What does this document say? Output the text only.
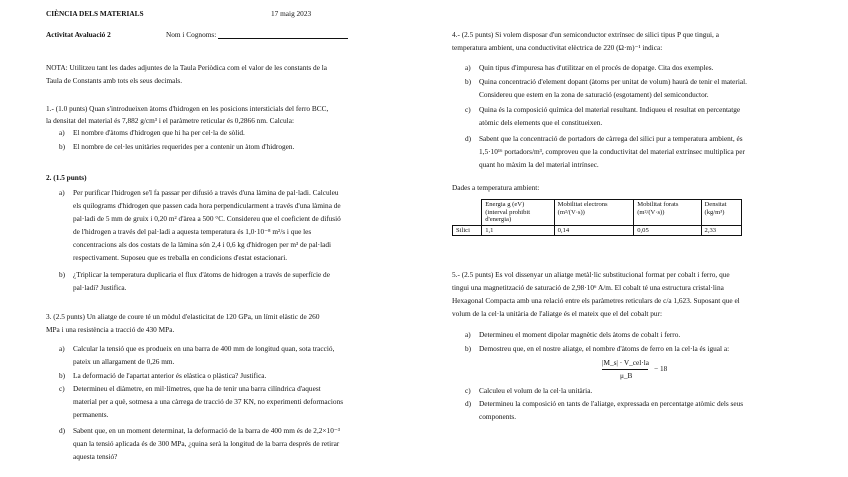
CIÈNCIA DELS MATERIALS	17 maig 2023
Activitat Avaluació 2	Nom i Cognoms:
NOTA: Utilitzeu tant les dades adjuntes de la Taula Periòdica com el valor de les constants de la
Taula de Constants amb tots els seus decimals.
1.- (1.0 punts) Quan s'introdueixen àtoms d'hidrogen en les posicions intersticials del ferro BCC,
la densitat del material és 7,882 g/cm³ i el paràmetre reticular és 0,2866 nm. Calcula:
a) El nombre d'àtoms d'hidrogen que hi ha per cel·la de sòlid.
b) El nombre de cel·les unitàries requerides per a contenir un àtom d'hidrogen.
2. (1.5 punts)
a) Per purificar l'hidrogen se'l fa passar per difusió a través d'una làmina de pal·ladi. Calculeu
els quilograms d'hidrogen que passen cada hora perpendicularment a través d'una làmina de
pal·ladi de 5 mm de gruix i 0,20 m² d'àrea a 500 °C. Considereu que el coeficient de difusió
de l'hidrogen a través del pal·ladi a aquesta temperatura és 1,0·10⁻⁸ m²/s i que les
concentracions als dos costats de la làmina són 2,4 i 0,6 kg d'hidrogen per m³ de pal·ladi
respectivament. Suposeu que es treballa en condicions d'estat estacionari.
b) ¿Triplicar la temperatura duplicaria el flux d'àtoms de hidrogen a través de superfície de
pal·ladi? Justifica.
3. (2.5 punts) Un aliatge de coure té un mòdul d'elasticitat de 120 GPa, un límit elàstic de 260
MPa i una resistència a tracció de 430 MPa.
a) Calcular la tensió que es produeix en una barra de 400 mm de longitud quan, sota tracció,
pateix un allargament de 0,26 mm.
b) La deformació de l'apartat anterior és elàstica o plàstica? Justifica.
c) Determineu el diàmetre, en mil·límetres, que ha de tenir una barra cilíndrica d'aquest
material per a què, sotmesa a una càrrega de tracció de 37 KN, no experimenti deformacions
permanents.
d) Sabent que, en un moment determinat, la deformació de la barra de 400 mm és de 2,2×10⁻³
quan la tensió aplicada és de 300 MPa, ¿quina serà la longitud de la barra després de retirar
aquesta tensió?
4.- (2.5 punts) Si volem disposar d'un semiconductor extrínsec de silici tipus P que tingui, a
temperatura ambient, una conductivitat elèctrica de 220 (Ω·m)⁻¹ indica:
a) Quin tipus d'impuresa has d'utilitzar en el procés de dopatge. Cita dos exemples.
b) Quina concentració d'element dopant (àtoms per unitat de volum) haurà de tenir el material.
Considereu que estem en la zona de saturació (esgotament) del semiconductor.
c) Quina és la composició química del material resultant. Indiqueu el resultat en percentatge
atòmic dels elements que el constitueixen.
d) Sabent que la concentració de portadors de càrrega del silici pur a temperatura ambient, és
1,5·10¹⁶ portadors/m³, comproveu que la conductivitat del material extrínsec multiplica per
quant ho màxim la del material intrínsec.
Dades a temperatura ambient:
	Energia g (eV)
(interval prohibit
d'energia)	Mobilitat electrons
(m²/(V·s))	Mobilitat forats
(m²/(V·s))	Densitat
(kg/m³)
Silici	1,1	0,14	0,05	2,33
5.- (2.5 punts) Es vol dissenyar un aliatge metàl·lic substitucional format per cobalt i ferro, que
tingui una magnetització de saturació de 2,98·10⁶ A/m. El cobalt té una estructura cristal·lina
Hexagonal Compacta amb una relació entre els paràmetres reticulars de c/a 1,623. Suposant que el
volum de la cel·la unitària de l'aliatge és el mateix que el del cobalt pur:
a) Determineu el moment dipolar magnètic dels àtoms de cobalt i ferro.
b) Demostreu que, en el nostre aliatge, el nombre d'àtoms de ferro en la cel·la és igual a:
|M_s| · V_cel·la
μ_B
− 18
c) Calculeu el volum de la cel·la unitària.
d) Determineu la composició en tants de l'aliatge, expressada en percentatge atòmic dels seus
components.
